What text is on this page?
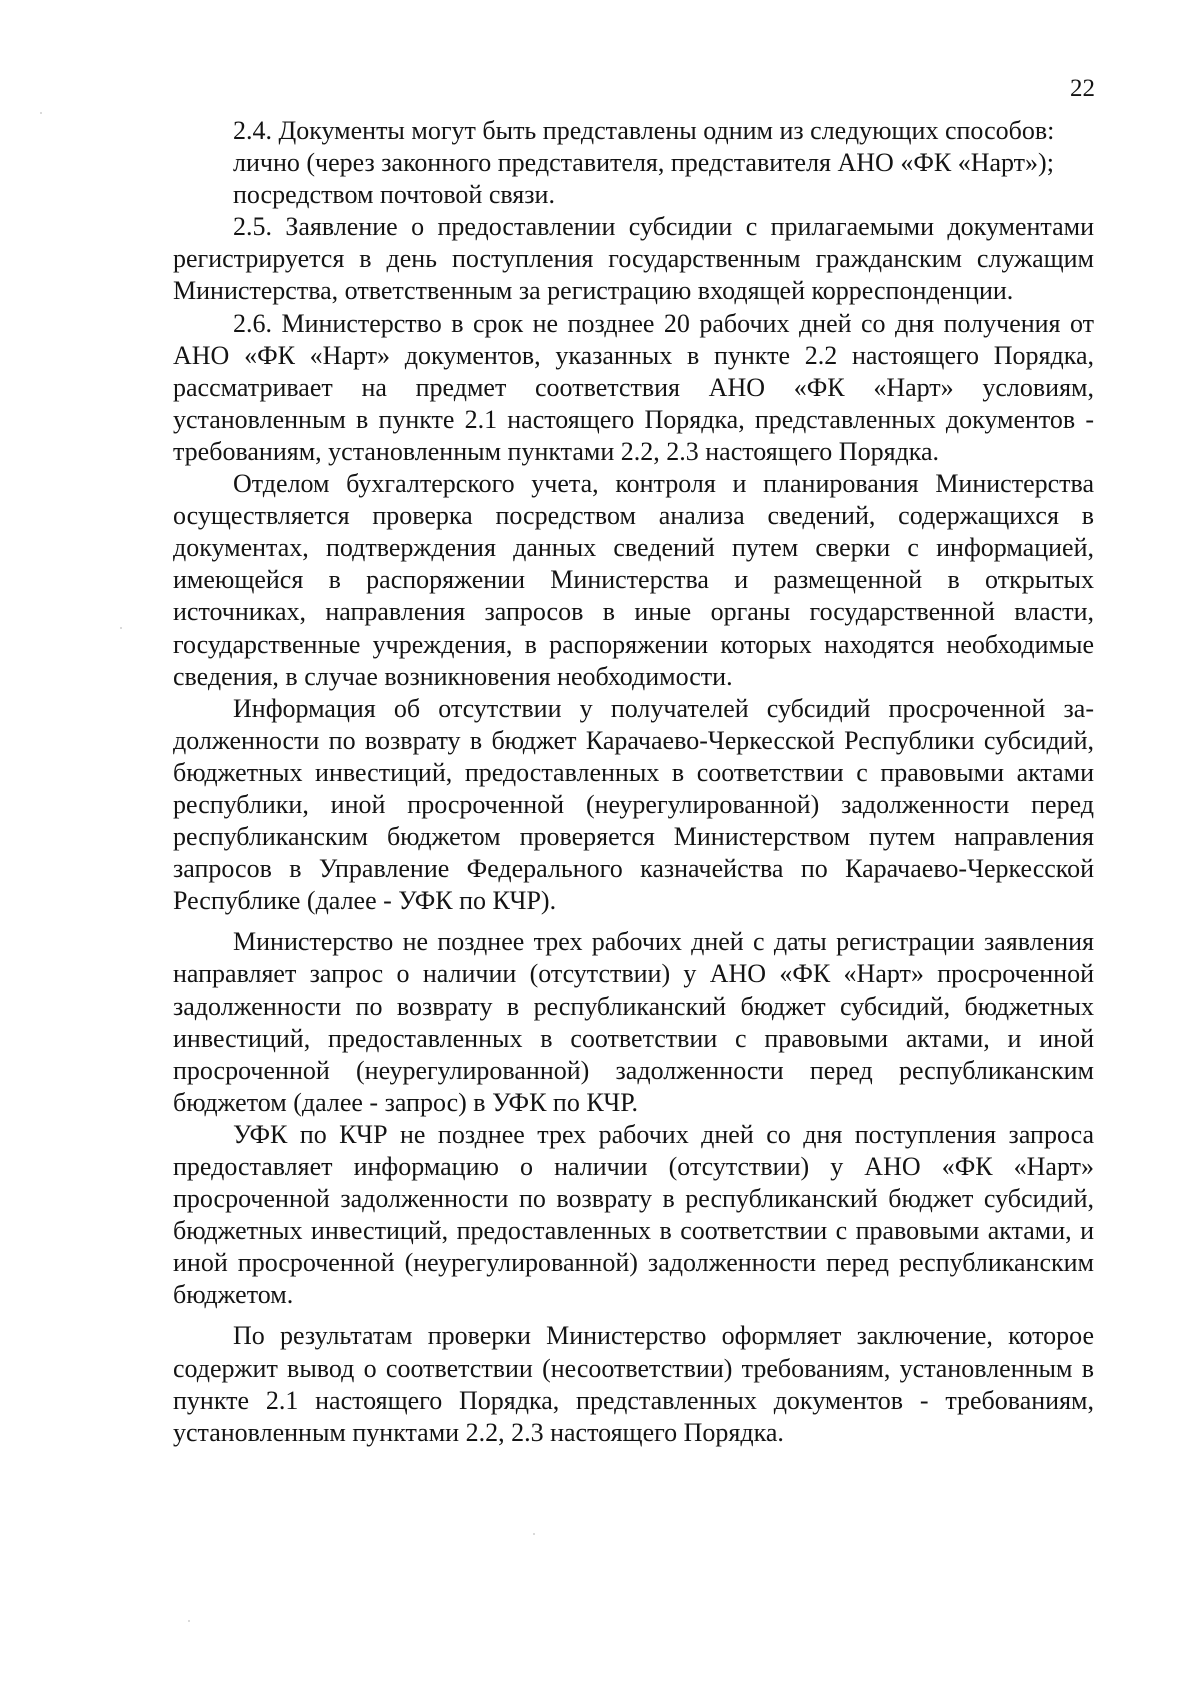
22

2.4. Документы могут быть представлены одним из следующих способов:

лично (через законного представителя, представителя АНО «ФК «Нарт»);

посредством почтовой связи.

2.5. Заявление о предоставлении субсидии с прилагаемыми документами регистрируется в день поступления государственным гражданским служащим Министерства, ответственным за регистрацию входящей корреспонденции.

2.6. Министерство в срок не позднее 20 рабочих дней со дня получения от АНО «ФК «Нарт» документов, указанных в пункте 2.2 настоящего Порядка, рассматривает на предмет соответствия АНО «ФК «Нарт» условиям, установленным в пункте 2.1 настоящего Порядка, представленных документов - требованиям, установленным пунктами 2.2, 2.3 настоящего Порядка.

Отделом бухгалтерского учета, контроля и планирования Министерства осуществляется проверка посредством анализа сведений, содержащихся в документах, подтверждения данных сведений путем сверки с информацией, имеющейся в распоряжении Министерства и размещенной в открытых источниках, направления запросов в иные органы государственной власти, государственные учреждения, в распоряжении которых находятся необходимые сведения, в случае возникновения необходимости.

Информация об отсутствии у получателей субсидий просроченной задолженности по возврату в бюджет Карачаево-Черкесской Республики субсидий, бюджетных инвестиций, предоставленных в соответствии с правовыми актами республики, иной просроченной (неурегулированной) задолженности перед республиканским бюджетом проверяется Министерством путем направления запросов в Управление Федерального казначейства по Карачаево-Черкесской Республике (далее - УФК по КЧР).

Министерство не позднее трех рабочих дней с даты регистрации заявления направляет запрос о наличии (отсутствии) у АНО «ФК «Нарт» просроченной задолженности по возврату в республиканский бюджет субсидий, бюджетных инвестиций, предоставленных в соответствии с правовыми актами, и иной просроченной (неурегулированной) задолженности перед республиканским бюджетом (далее - запрос) в УФК по КЧР.

УФК по КЧР не позднее трех рабочих дней со дня поступления запроса предоставляет информацию о наличии (отсутствии) у АНО «ФК «Нарт» просроченной задолженности по возврату в республиканский бюджет субсидий, бюджетных инвестиций, предоставленных в соответствии с правовыми актами, и иной просроченной (неурегулированной) задолженности перед республиканским бюджетом.

По результатам проверки Министерство оформляет заключение, которое содержит вывод о соответствии (несоответствии) требованиям, установленным в пункте 2.1 настоящего Порядка, представленных документов - требованиям, установленным пунктами 2.2, 2.3 настоящего Порядка.
